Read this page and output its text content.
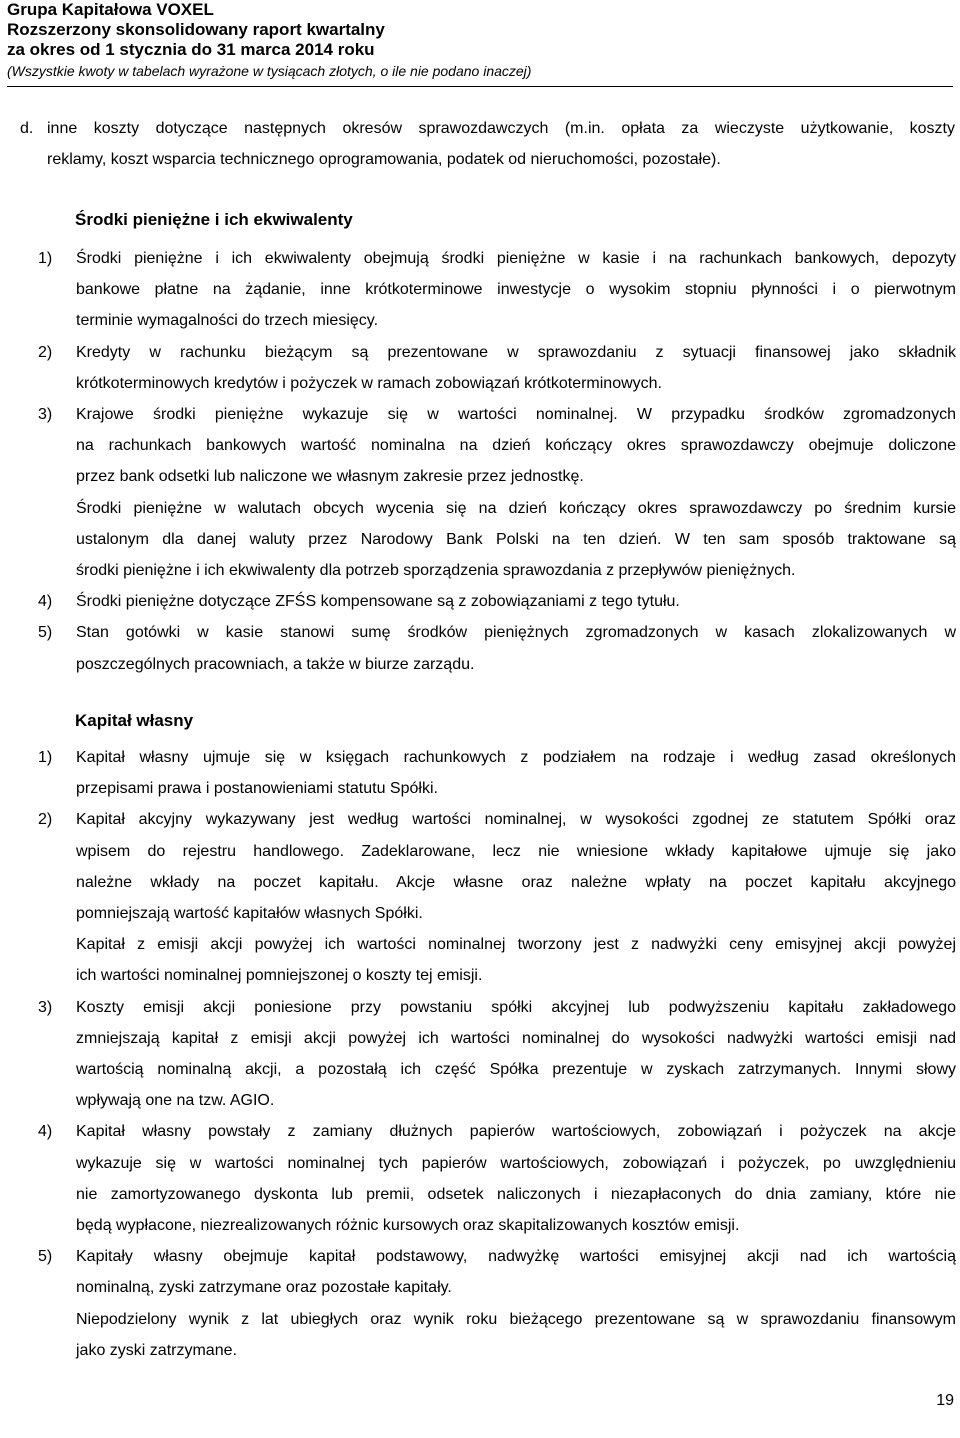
Grupa Kapitałowa VOXEL
Rozszerzony skonsolidowany raport kwartalny
za okres od 1 stycznia do 31 marca 2014 roku
(Wszystkie kwoty w tabelach wyrażone w tysiącach złotych, o ile nie podano inaczej)
d. inne koszty dotyczące następnych okresów sprawozdawczych (m.in. opłata za wieczyste użytkowanie, koszty
reklamy, koszt wsparcia technicznego oprogramowania, podatek od nieruchomości, pozostałe).
Środki pieniężne i ich ekwiwalenty
Kapitał własny
1) Środki pieniężne i ich ekwiwalenty obejmują środki pieniężne w kasie i na rachunkach bankowych, depozyty
bankowe płatne na żądanie, inne krótkoterminowe inwestycje o wysokim stopniu płynności i o pierwotnym
terminie wymagalności do trzech miesięcy.
2) Kredyty w rachunku bieżącym są prezentowane w sprawozdaniu z sytuacji finansowej jako składnik
krótkoterminowych kredytów i pożyczek w ramach zobowiązań krótkoterminowych.
3) Krajowe środki pieniężne wykazuje się w wartości nominalnej. W przypadku środków zgromadzonych
na rachunkach bankowych wartość nominalna na dzień kończący okres sprawozdawczy obejmuje doliczone
przez bank odsetki lub naliczone we własnym zakresie przez jednostkę.
Środki pieniężne w walutach obcych wycenia się na dzień kończący okres sprawozdawczy po średnim kursie
ustalonym dla danej waluty przez Narodowy Bank Polski na ten dzień. W ten sam sposób traktowane są
środki pieniężne i ich ekwiwalenty dla potrzeb sporządzenia sprawozdania z przepływów pieniężnych.
4) Środki pieniężne dotyczące ZFŚS kompensowane są z zobowiązaniami z tego tytułu.
5) Stan gotówki w kasie stanowi sumę środków pieniężnych zgromadzonych w kasach zlokalizowanych w
poszczególnych pracowniach, a także w biurze zarządu.
1) Kapitał własny ujmuje się w księgach rachunkowych z podziałem na rodzaje i według zasad określonych
przepisami prawa i postanowieniami statutu Spółki.
2) Kapitał akcyjny wykazywany jest według wartości nominalnej, w wysokości zgodnej ze statutem Spółki oraz
wpisem do rejestru handlowego. Zadeklarowane, lecz nie wniesione wkłady kapitałowe ujmuje się jako
należne wkłady na poczet kapitału. Akcje własne oraz należne wpłaty na poczet kapitału akcyjnego
pomniejszają wartość kapitałów własnych Spółki.
Kapitał z emisji akcji powyżej ich wartości nominalnej tworzony jest z nadwyżki ceny emisyjnej akcji powyżej
ich wartości nominalnej pomniejszonej o koszty tej emisji.
3) Koszty emisji akcji poniesione przy powstaniu spółki akcyjnej lub podwyższeniu kapitału zakładowego
zmniejszają kapitał z emisji akcji powyżej ich wartości nominalnej do wysokości nadwyżki wartości emisji nad
wartością nominalną akcji, a pozostałą ich część Spółka prezentuje w zyskach zatrzymanych. Innymi słowy
wpływają one na tzw. AGIO.
4) Kapitał własny powstały z zamiany dłużnych papierów wartościowych, zobowiązań i pożyczek na akcje
wykazuje się w wartości nominalnej tych papierów wartościowych, zobowiązań i pożyczek, po uwzględnieniu
nie zamortyzowanego dyskonta lub premii, odsetek naliczonych i niezapłaconych do dnia zamiany, które nie
będą wypłacone, niezrealizowanych różnic kursowych oraz skapitalizowanych kosztów emisji.
5) Kapitały własny obejmuje kapitał podstawowy, nadwyżkę wartości emisyjnej akcji nad ich wartością
nominalną, zyski zatrzymane oraz pozostałe kapitały.
Niepodzielony wynik z lat ubiegłych oraz wynik roku bieżącego prezentowane są w sprawozdaniu finansowym
jako zyski zatrzymane.
19
